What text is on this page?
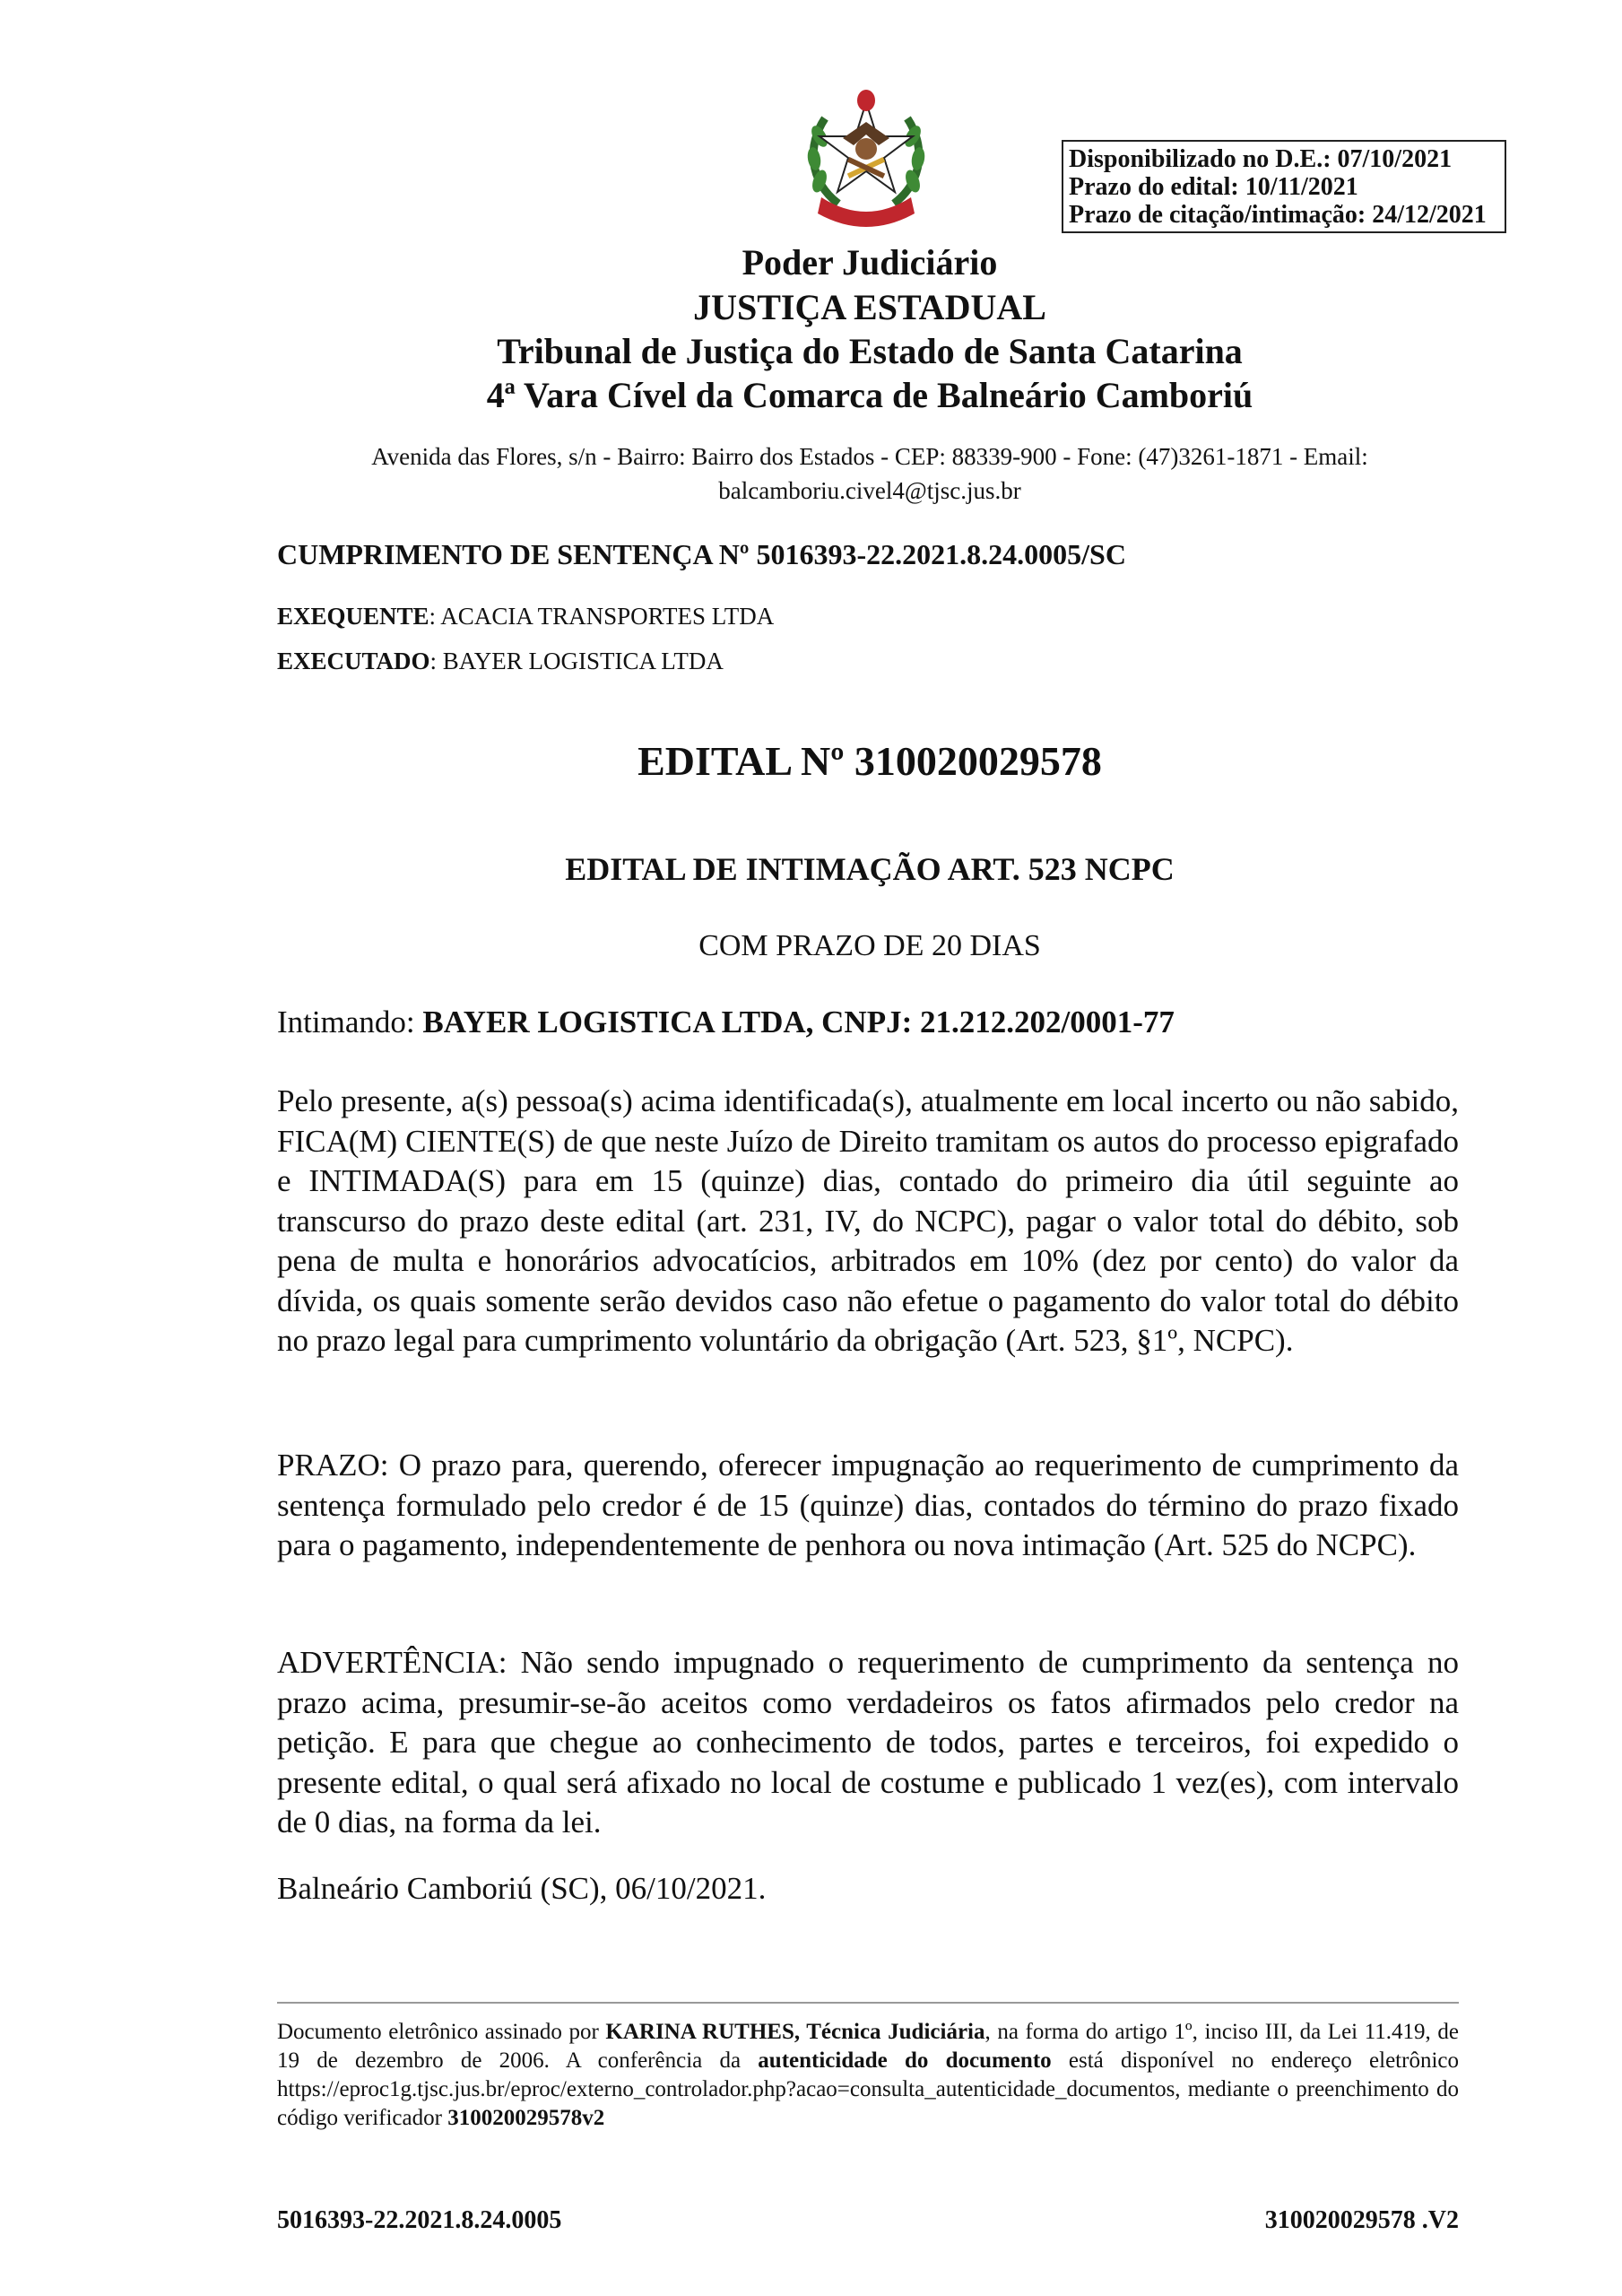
Disponibilizado no D.E.: 07/10/2021
Prazo do edital: 10/11/2021
Prazo de citação/intimação: 24/12/2021
Poder Judiciário
JUSTIÇA ESTADUAL
Tribunal de Justiça do Estado de Santa Catarina
4ª Vara Cível da Comarca de Balneário Camboriú
Avenida das Flores, s/n - Bairro: Bairro dos Estados - CEP: 88339-900 - Fone: (47)3261-1871 - Email:
balcamboriu.civel4@tjsc.jus.br
CUMPRIMENTO DE SENTENÇA Nº 5016393-22.2021.8.24.0005/SC
EXEQUENTE: ACACIA TRANSPORTES LTDA
EXECUTADO: BAYER LOGISTICA LTDA
EDITAL Nº 310020029578
EDITAL DE INTIMAÇÃO ART. 523 NCPC
COM PRAZO DE 20 DIAS
Intimando: BAYER LOGISTICA LTDA, CNPJ: 21.212.202/0001-77

Pelo presente, a(s) pessoa(s) acima identificada(s), atualmente em local incerto ou não sabido, FICA(M) CIENTE(S) de que neste Juízo de Direito tramitam os autos do processo epigrafado e INTIMADA(S) para em 15 (quinze) dias, contado do primeiro dia útil seguinte ao transcurso do prazo deste edital (art. 231, IV, do NCPC), pagar o valor total do débito, sob pena de multa e honorários advocatícios, arbitrados em 10% (dez por cento) do valor da dívida, os quais somente serão devidos caso não efetue o pagamento do valor total do débito no prazo legal para cumprimento voluntário da obrigação (Art. 523, §1º, NCPC).

PRAZO: O prazo para, querendo, oferecer impugnação ao requerimento de cumprimento da sentença formulado pelo credor é de 15 (quinze) dias, contados do término do prazo fixado para o pagamento, independentemente de penhora ou nova intimação (Art. 525 do NCPC).

ADVERTÊNCIA: Não sendo impugnado o requerimento de cumprimento da sentença no prazo acima, presumir-se-ão aceitos como verdadeiros os fatos afirmados pelo credor na petição. E para que chegue ao conhecimento de todos, partes e terceiros, foi expedido o presente edital, o qual será afixado no local de costume e publicado 1 vez(es), com intervalo de 0 dias, na forma da lei.

Balneário Camboriú (SC), 06/10/2021.

Documento eletrônico assinado por KARINA RUTHES, Técnica Judiciária, na forma do artigo 1º, inciso III, da Lei 11.419, de 19 de dezembro de 2006. A conferência da autenticidade do documento está disponível no endereço eletrônico https://eproc1g.tjsc.jus.br/eproc/externo_controlador.php?acao=consulta_autenticidade_documentos, mediante o preenchimento do código verificador 310020029578v2

5016393-22.2021.8.24.0005	310020029578 .V2
